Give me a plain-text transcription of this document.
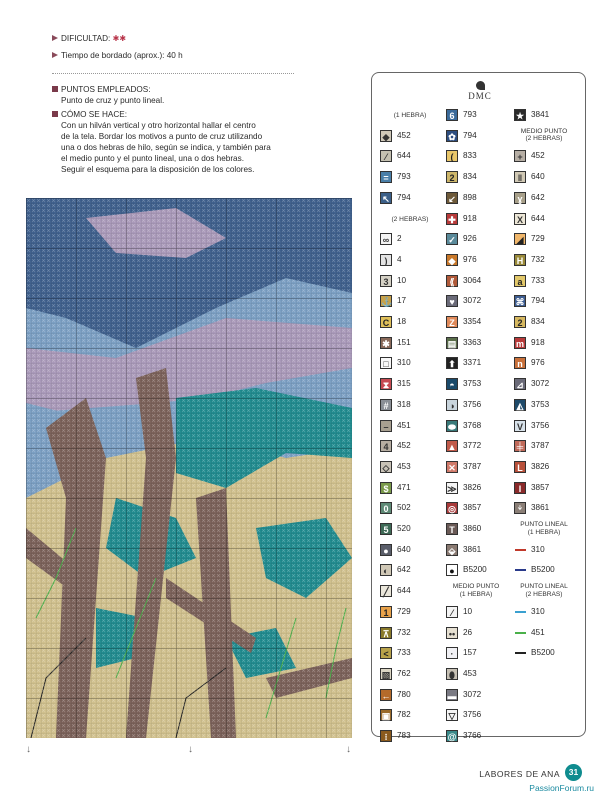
DIFICULTAD: ✱✱
Tiempo de bordado (aprox.): 40 h
PUNTOS EMPLEADOS:
Punto de cruz y punto lineal.
CÓMO SE HACE:
Con un hilván vertical y otro horizontal hallar el centro
de la tela. Bordar los motivos a punto de cruz utilizando
una o dos hebras de hilo, según se indica, y también para
el medio punto y el punto lineal, una o dos hebras.
Seguir el esquema para la disposición de los colores.
↓	↓	↓
DMC
(1 HEBRA)
◆ 452
⁄	644
=	793
↖ 794
(2 HEBRAS)
∞ 2
)	4
3	10
⚓ 17
C 18
✱ 151
□	310
⧗ 315
#	318
–	451
4	452
◇ 453
$	471
0	502
5	520
●	640
◐	642
╱	644
1	729
⊼ 732
<	733
▧ 762
← 780
▣ 782
⁝	783
6	793
✿ 794
(	833
2	834
↙ 898
✚ 918
✓ 926
◆ 976
⟪	3064
♥	3072
Z	3354
▤ 3363
⬆ 3371
◓	3753
◑	3756
⬬ 3768
▲ 3772
✕ 3787
≫ 3826
◎ 3857
T	3860
⬙ 3861
●	B5200
MEDIO PUNTO
(1 HEBRA)
⁄	10
•• 26
·	157
⬮ 453
▬ 3072
▽ 3756
@ 3766
★ 3841
MEDIO PUNTO
(2 HEBRAS)
+	452
ǁ	640
ɣ	642
X 644
◢ 729
H 732
a	733
⌘ 794
2	834
m 918
n	976
⊿ 3072
◭ 3753
V 3756
╪ 3787
L	3826
I	3857
ᛎ	3861
PUNTO LINEAL
(1 HEBRA)
310
B5200
PUNTO LINEAL
(2 HEBRAS)
310
451
B5200
LABORES DE ANA	31
PassionForum.ru
